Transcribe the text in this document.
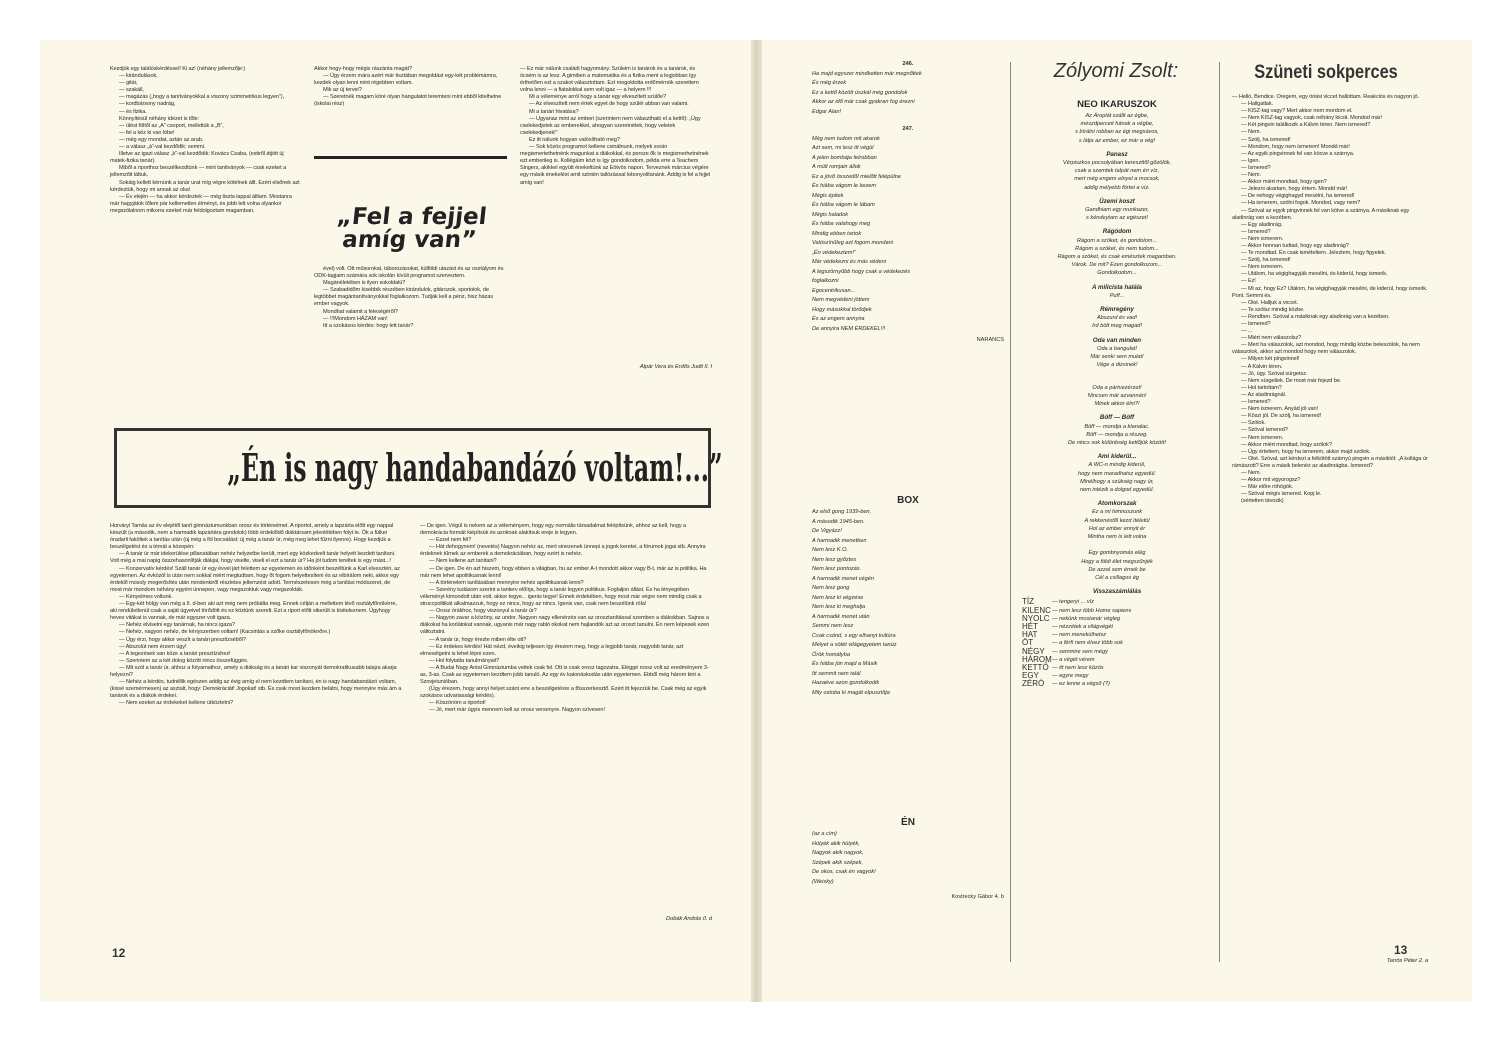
Kezdjük egy találóskérdéssel! Ki az! (néhány jellemzője:)

— kirándulások,

— gitár,

— szakáll,

— magázás („hogy a tanítványokkal a viszony szimmetrikus legyen”),

— kordbársony nadrág,

— és fizika.

Könnyítésül néhány idézet is tőle:

— ülést föltől az „A” csoport, mellettük a „B”,

— fel a kéz ki van lóbe!

— még egy mondat, aztán az arab.

— a válasz „á”-val kezdődik: semmi.

Illetve az igazi válasz „k”-val kezdődik: Kovács Csaba, (estiről átjött új matek-fizika tanár).

Miből a riporthoz beszélkezdtünk — mint tanítványok — csak ezeket a jellemzőit láttuk.

Sokáig kellett kérnünk a tanár urat míg végre kötélnek állt. Ezért elsőnek azt kérdeztük, hogy mi annak az oka!

— Év elején — ha akkor kérdeztek — még tiszta lappal álltam. Mostanra már hagyjátok tőlem pár kellemetlen élményt, és jobb lett volna olyankor megszólalnom mikorra ezeket már feldolgoztam magamban.

Akkor hogy-hogy mégis rászánta magát?

— Úgy érzem mára azért már tisztában megoldást egy-két problémámra, kezdek olyan lenni mint régebben voltam.

Mik az új tervei?

— Szeretnék magam köré olyan hangulatot teremteni mint ebből kitelhetne (iskolai rész)

„Fel a fejjel amíg van”

ével) volt. Ott műsorokat, táborozásokat, külföldi utazást és az osztályom és ODK-tagjaim számára sok iskolán kívüli programot szerveztem.

Magánéletében is ilyen sokoldalú?

— Szabadidőm kisebbik részében kirándulok, gitározok, sportolok, de legtöbbet magántanítványokkal foglalkozom. Tudják kell a pénz, hisz házas ember vagyok.

Mondhat valamit a feleségéről?

— !!!Mondom HÁZAM van!

Itt a szokásos kérdés: hogy lett tanár?

— Ez már nálunk családi hagyomány. Szüleim is tanárok és a tanárok, és öcsém is az lesz. A gimiben a matematika és a fizika ment a legjobban így érthetően ezt a szakot választottam. Ezt megoldotta erdőmérnök szerettem volna lenni — a fiatalokkal sem volt igaz — a helyem !!!

Mi a véleménye arról hogy a tanár egy elveszített szülőe?

— Az elveszített nem értek egyet de hogy szüléi abban van valami.

Mi a tanári hivatása?

— Ugyanaz mint az emberi (szerintem nem választható el a kettő): „Úgy cselekedjetek az emberekkel, ahogyan szeretnétek, hogy veletek cselekedjenek!”

Ez itt nálunk hogyan valósítható meg?

— Sok közös programot kellene csinálnunk, melyek során megismertethetnénk magunkat a diákokkal, és persze ők is megismerhetnének ezt emberileg is. Kollégáim közt is így gondolkodom, példa erre a Teachers Singers, akikkel együtt énekeltünk az Eötvös napon. Terveznek március végére egy másik énekelést amit szintén tallózással lebonyolítanánk. Addig is fel a fejjel amíg van!

Alpár Vera és Erdős Judit II. f
„Én is nagy handabandázó voltam!...”

Horváryi Tamás az év elejétől tanít gimnáziumunkban orosz és történelmet. A riportot, amely a lapzárta előtt egy nappal készült (a második, nem a harmadik lapzártára gondolok) több érdeklődő diáktársam jelenlétében folyt le. Ők a fülkei óradarli faköltek a tanítás után (új még a föl bocsátást: új még a tanár úr, még meg lehet fűzni ilyenre). Hogy kezdjük a beszélgetést és a témát a közepén:

— A tanár úr már idekerülése pillanatában nehéz helyzetbe került, mert egy közkedvelt tanár helyett kezdett tanítani. Volt még a mai napig összehasonlítják diákjai, hogy viselte, viseli el ezt a tanár úr? Ha jól tudom tereltek is egy mást...!

— Konzervatív kérdés! Száll tanár úr egy évvel járt felettem az egyetemen és időnként beszéltünk a Karl elvesztén, az egyetemen. Az évközöl is után nem sokkal miért megtudtam, hogy őt fogom helyettesíteni és az elbírálom neki, akkor egy érdeklő mosoly megerősítés után mindenkiről részletes jellemzést adott. Természetesen még a tanítási módszeret, de most már mondom néhány egyéni ünnepen, vagy megszoktuk vagy megszokták.

— Kényelmes voltunk.

— Egy-két hölgy van még a II. d-ben aki azt még nem próbálta meg. Ennek célján a mellettem lévő osztályfőnökérre, aki rendületlenül csak a saját ügyeivel törődött és ez köztünk szerelt. Ezt a riport előtt sikerült is kiviteleznem. Úgyhogy heves vitákat is vannak, de már egyszer volt igaza.

— Nehéz elviselni egy tanárnak, ha nincs igaza?

— Nehéz, nagyon nehéz, de kényszerben voltam! (Kacsintás a szőke osztályfőnöknőre.)

— Úgy érzi, hogy akkor veszít a tanári presztízséből?

— Abszolút nem érzem úgy!

— A tegezések van köze a tanári presztízshez!

— Szerintem az a két dolog között nincs összefüggés.

— Mit szól a tanár úr, ahhoz a folyamathoz, amely a diákság és a tanári kar viszonyát demokratikusabb talajra akarja helyezni?

— Nehéz a kérdés, tudniillik egészen addig az évig amíg el nem kezdtem tanítani, én is nagy handabandázó voltam, (kissé szemérmesen) az asztalt, hogy: Demokráciát! Jogokat! stb. És csak most kezdem belátni, hogy mennyire más ám a tanárok és a diákok érdekei.

— Nem ezeket az érdekeket kellene ütköztetni?

— De igen. Végül is nekem az a véleményem, hogy egy normális társadalmat felépítsünk, ahhoz az kell, hogy a demokrácia formáit kiépítsük és azoknak alakítsuk ereje is legyen.

— Ezzel nem fél?

— Hát dehogynem! (nevetés) Nagyon nehéz az, mert sinezenek ünnepi a jogok keretei, a fórumok jogai stb. Annyira érdeknek tűrnek az emberek a demokráciában, hogy ezért is nehéz.

— Nem kellene azt tanítani?

— De igen. De én azt hiszem, hogy ebben a világban, hu az ember A-t mondott akkor vagy B-t, már az is politika. Ha már nem lehet apolitikusnak lenni!

— A történelem tanításában mennyire nehéz apolitikusnak lenni?

— Szerény tudásom szerint a tanterv előírja, hogy a tanár legyen politikus. Foglaljon állást. És ha lényegében véleményt kimondott után volt, akkor tegye... igenis tegye! Ennek érdekében, hogy most már végre nem mindig csak a struccpolitikát alkalmazzuk, hogy ez nincs, hogy az nincs. Igenis van, csak nem beszélünk róla!

— Orosz órákhoz, hogy viszonyul a tanár úr?

— Nagyon zavar a közöny, az undor. Nagyon nagy ellenérzés van az orosztanítással szemben a diákokban. Sajnos a diákokat ha korlátokat vannak, ugyanis már nagy rabló okokat nem hajlandók azt az oroszt tanulni. Én nem képesek ezen változtatni.

— A tanár úr, hogy érezte miben élte ott?

— Ez érdekes kérdés! Hát nézd, éveikig teljesen így érezem meg, hogy a legjobb tanár, nagyobb tanár, azt elmesélgetni is lehet lépni ezen.

— Hol folytatta tanulmányait?

— A Budai Nagy Antal Gimnáziumba vettek csak fel. Ott is csak orosz tagozatra. Eléggé rossz volt az eredményem 3-as, 3-as. Csak az egyetemen kezdtem jobb tanuló. Az egy év katonáskodás után egyetemen. Ebből még három kint a Szovjetunióban.

(Úgy érezem, hogy annyi helyet szánt erre a beszélgetésre a fősszerkesztő. Ezért itt fejezzük be. Csak még az egyik szokásos udvariassági kérdés).

— Köszönöm a riportot!

— Jó, mert már úgyis mennem kell az orosz versenyre. Nagyon szívesen!

Dobák András II. d
12
246.
Ha majd egyszer mindketten már megnőttek
És még érzek
Ez a kettő között úszkál még gondolok
Akkor az idő már csak gyakran fog érezni
Edgar Alan!
247.
Még nem tudom mit akarok
Azt sem, mi lesz itt végül
A jelen bombája felrobban
A múlt romjain állok
Ez a jövő összedől mielőtt felépülne
És hiába vágom le kezem
Mégis épitek
És hiába vágom le lábam
Mégis haladok
És hiába valahogy meg
Mindig ebben tartok
Valószínűleg azt fogom mondani
„Én védekeztem!”
Már védekezni és más védeni
A legszörnyűbb hogy csak a védekezés
foglalkozni
Egocentrikusan...
Nem megvédeni jöttem
Hogy másokkal törődjek
És az engem annyira
De annyira NEM ÉRDEKEL!!!
NARANCS
BOX
Az első gong 1939-ben,
A második 1945-ben.
De Vigyázz!
A harmadik menetben
Nem lesz K.O.
Nem lesz győztes
Nem lesz pontozás.
A harmadik menet végén
Nem lesz gong
Nem lesz ki végzése
Nem lesz ki meghalja
A harmadik menet után
Semmi nem lesz
Csak csönd, s egy elhanyt kultúra
Melyet a sötét világegyetem tanúz
Örök homályba
És hiába jön majd a Másik
Itt semmit nem talál
Hazaéve azon gondolkodik
Mily ostoba ki magát elpusztítja
ÉN
(az a cím)
Hülyék akik hülyék,
Nagyok akik nagyok,
Szépek akik szépek,
De okos, csak én vagyok!
(Weisky)
Kostrecky Gábor 4. b
Zólyomi Zsolt:
NEO IKARUSZOK
Az Ároplát szállt az égbe,
mészdperceit futnak a végbe,
s bírálni robban az égi megsávos,
s látja az ember, ez már a vég!
Panasz
Vérpiszkos pocsolyában kereszttől gőzölök,
csak a szemtek talpát nem éri víz,
mert még engem elnyel a mocsok,
addig mélyebb förtet a víz.
Üzemi koszt
Gandhiam egy munkazer,
s kéndeytam az egészet!
Rágódom
Rágom a szöket, és gondolom...
Rágom a szöket, és nem tudom...
Rágom a szöket, és csak emésztek magamban.
Várok. De mit? Ezen gondolkozom...
Gondolkodom...
A milicista halála
Puff...
Rémregény
Abszurd és vad!
Ird bölt meg magad!
Oda van minden
Oda a bangulat!
Már senki sem mulat!
Vége a dizsinek!

Oda a pártvezérzet!
Nincsen már azvannán!
Minek akkor élni?!
Böff — Böff
Böff — mondja a klanalac.
Böff — mondja a részeg.
De nincs sok különbség kettőjük között!
Ami kiderül...
A WC-n mindig kiderül,
hogy nem maradhatsz egyedül.
Minélhogy a szükség nagy úr,
nem intézik a dolgod egyedül.
Atomkorszak
Ez a mi himnuszunk
A rekkenéstől kezd ítéletül
Hol az ember ennyit ér
Mintha nem is lett volna

Egy gombnyomás elég
Hogy a földi élet megszűnjék
De azzal sem érnek be
Cél a csillagos ég
Visszaszámlálás
TÍZ	— tengeryi ... víz
KILENC — nem lesz több Home sapiens
NYOLC — nekünk mostanár végleg
HÉT	— nézzétek a világvégét
HAT	— nem menekülhetsz
ÖT	— a férfi nem élvez több sok
NÉGY	— semmire sem mégy
HÁROM — a végét vérem
KETTŐ — itt nem lesz közös
EGY	— egyre megy
ZÉRÓ	— ez lenne a végső (?)
Szüneti sokperces

— Helló, Bendice. Öregem, egy óriási viccet hallottam. Reakciós és nagyon jó.

— Hallgatlak.

— KISZ-tag vagy? Mert akkor nem mordom el.

— Nem KISZ-tag vagyok, csak néhány kicsit. Mondod már!

— Két pingvin találkozik a Kálvin téren. Nem ismered?

— Nem.

— Szólj, ha ismered!

— Mondom, hogy nem ismerem! Mondd már!

— Az egyik pingvinnek fel van köcve a szárnya.

— Igen.

— Ismered?

— Nem.

— Akkor miért mondtad, hogy igen?

— Jelezni akartam, hogy értem. Mondd már!

— De nehogy végighagyd mesélni, ha ismered!

— Ha ismerem, szólni fogok. Mondod, vagy nem?

— Szóval az egyik pingvinnek fel van kötve a szárnya. A másiknak egy aladinrág van a kezében.

— Egy aladinrág.

— Ismered?

— Nem ismerem.

— Akkor honnan tudtad, hogy egy aladinrág?

— Te mondtad. Én csak ismételtem. Jeleztem, hogy figyelek.

— Szólj, ha ismered!

— Nem ismerem.

— Utálom, ha végighagyják mesélni, és kiderül, hogy ismerik.

— Ez!

— Mi az, hogy Ez? Utálom, ha végighagyják mesélni, de kiderül, hogy ismerik. Pont. Semmi és.

— Oké. Halljuk a viccet.

— Te szólsz mindig közbe.

— Rendben. Szóval a másiknak egy aladinrág van a kezében.

— Ismered?

— ...

— Miért nem válaszolsz?

— Mert ha válaszolok, azt mondod, hogy mindig közbe beleszólok, ha nem válaszolok, akkor azt mondod hogy nem válaszolok.

— Milyen két pingvinnel!

— A Kálvin téren.

— Jó, úgy. Szóval sürgetsz.

— Nem sürgetlek. De most már fejezd be.

— Hol tartottam?

— Az aladinrágnál.

— Ismered?

— Nem ismerem. Anyád jól van!

— Köszi jól. De szólj, ha ismered!

— Szólok.

— Szóval ismered?

— Nem ismerem.

— Akkor miért mondtad, hogy szólok?

— Úgy értettem, hogy ha ismerem, akkor majd szólok.

— Oké. Szóval, azt kérdezi a felkötött szárnyú pingvin a másiktól: „A kollága úr rámászott? Erre a másik belenéz az aladinrágba. Ismered?

— Nem.

— Akkor mit vigyorogsz?

— Már előre röhögök.

— Szóval mégis ismered. Kopj le.

(sértetten távozik)

Tarrós Péter 2. a
13
